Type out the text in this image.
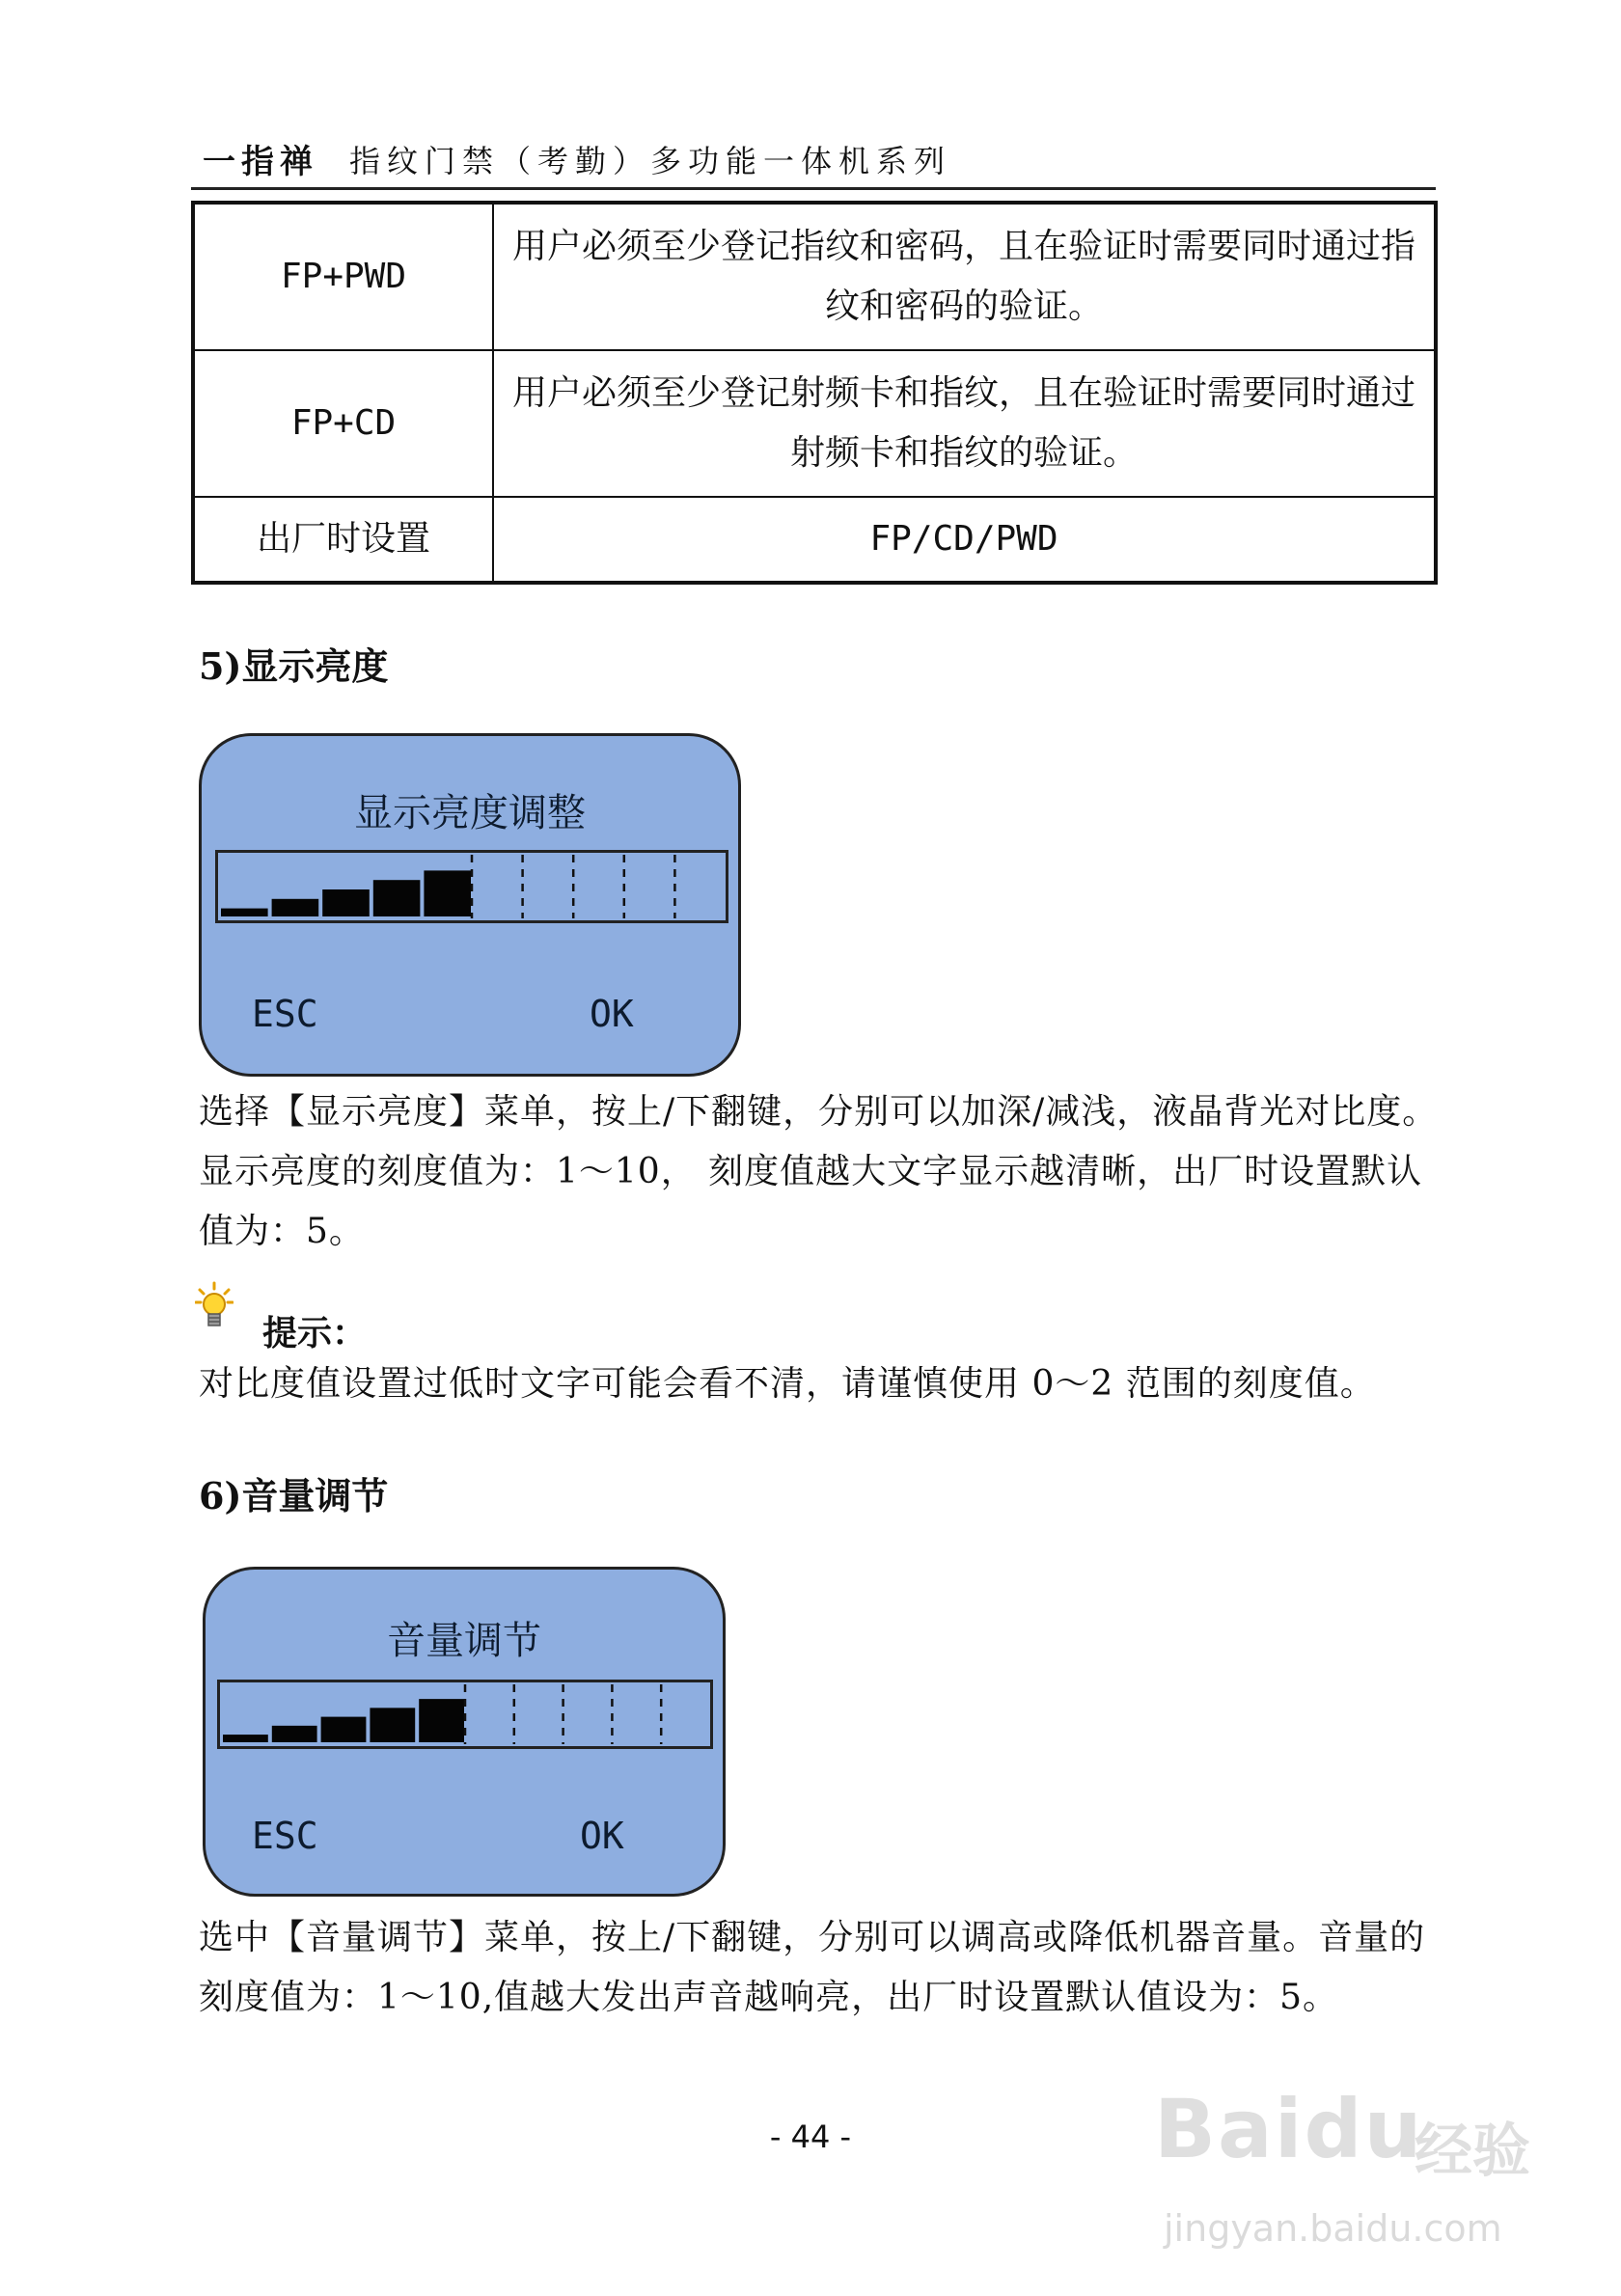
一指禅 指纹门禁（考勤）多功能一体机系列
FP+PWD	用户必须至少登记指纹和密码，且在验证时需要同时通过指纹和密码的验证。
FP+CD	用户必须至少登记射频卡和指纹，且在验证时需要同时通过射频卡和指纹的验证。
出厂时设置	FP/CD/PWD
5)显示亮度
显示亮度调整
ESC	OK
选择【显示亮度】菜单，按上/下翻键，分别可以加深/减浅，液晶背光对比度。显示亮度的刻度值为：1～10， 刻度值越大文字显示越清晰，出厂时设置默认值为：5。
提示：
对比度值设置过低时文字可能会看不清，请谨慎使用 0～2 范围的刻度值。
6)音量调节
音量调节
ESC	OK
选中【音量调节】菜单，按上/下翻键，分别可以调高或降低机器音量。音量的刻度值为：1～10,值越大发出声音越响亮，出厂时设置默认值设为：5。
- 44 -	Baidu
经验
jingyan.baidu.com
